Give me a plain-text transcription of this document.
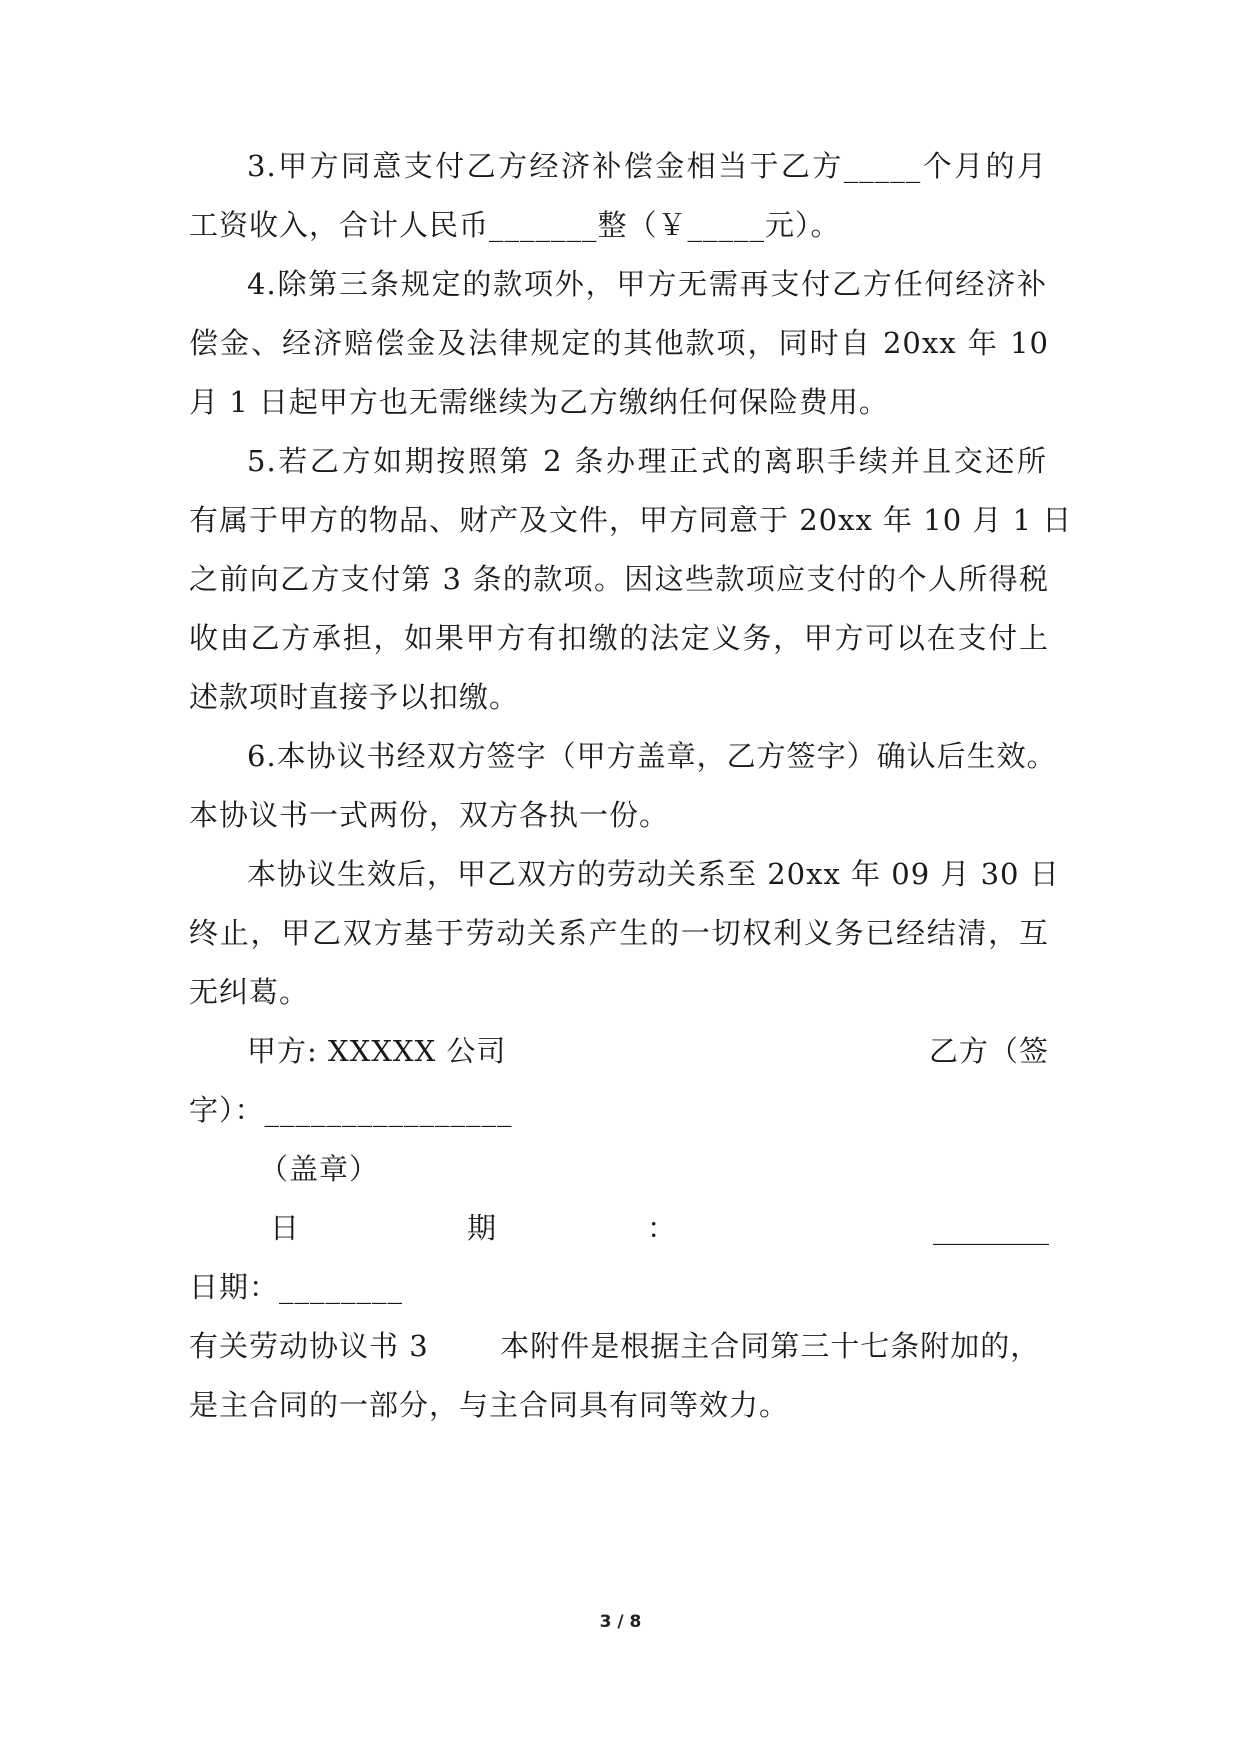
3.甲方同意支付乙方经济补偿金相当于乙方_____个月的月
工资收入，合计人民币_______整（￥_____元）。
4.除第三条规定的款项外，甲方无需再支付乙方任何经济补
偿金、经济赔偿金及法律规定的其他款项，同时自 20xx 年 10
月 1 日起甲方也无需继续为乙方缴纳任何保险费用。
5.若乙方如期按照第 2 条办理正式的离职手续并且交还所
有属于甲方的物品、财产及文件，甲方同意于 20xx 年 10 月 1 日
之前向乙方支付第 3 条的款项。因这些款项应支付的个人所得税
收由乙方承担，如果甲方有扣缴的法定义务，甲方可以在支付上
述款项时直接予以扣缴。
6.本协议书经双方签字（甲方盖章，乙方签字）确认后生效。
本协议书一式两份，双方各执一份。
本协议生效后，甲乙双方的劳动关系至 20xx 年 09 月 30 日
终止，甲乙双方基于劳动关系产生的一切权利义务已经结清，互
无纠葛。
甲方: XXXXX 公司	乙方（签
字）：________________
（盖章）
日	期	：	________
日期：________
有关劳动协议书 3       本附件是根据主合同第三十七条附加的，
是主合同的一部分，与主合同具有同等效力。
3 / 8
